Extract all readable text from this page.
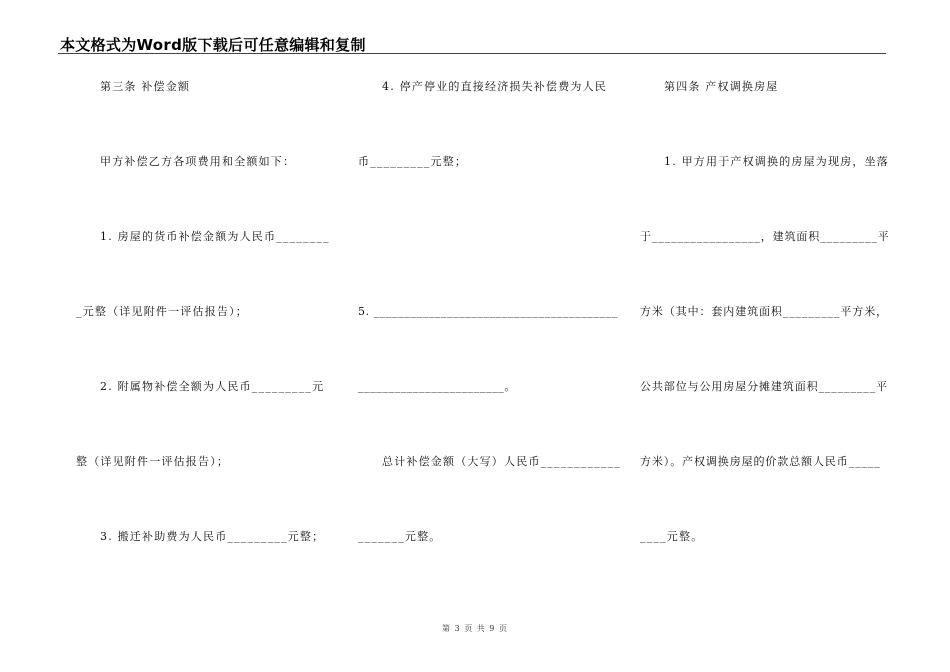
本文格式为Word版下载后可任意编辑和复制
第三条 补偿金额
甲方补偿乙方各项费用和全额如下：
1. 房屋的货币补偿金额为人民币________
_元整（详见附件一评估报告）；
2. 附属物补偿全额为人民币_________元
整（详见附件一评估报告）；
3. 搬迁补助费为人民币_________元整；
4. 停产停业的直接经济损失补偿费为人民
币_________元整；
5. ________________________________________
________________________。
总计补偿金额（大写）人民币____________
_______元整。
第四条 产权调换房屋
1. 甲方用于产权调换的房屋为现房，坐落
于_________________，建筑面积_________平
方米（其中：套内建筑面积_________平方米，
公共部位与公用房屋分摊建筑面积_________平
方米）。产权调换房屋的价款总额人民币_____
____元整。
第 3 页 共 9 页
